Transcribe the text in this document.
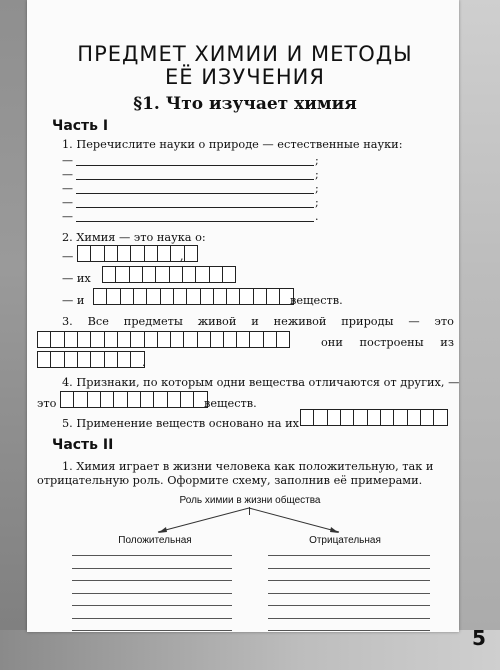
ПРЕДМЕТ ХИМИИ И МЕТОДЫ
ЕЁ ИЗУЧЕНИЯ
§1. Что изучает химия
Часть I
1. Перечислите науки о природе — естественные науки:
—	;
—	;
—	;
—	;
—	.
2. Химия — это наука о:
—	,
— их
— и	веществ.
3. Все предметы живой и неживой природы — это
они построены из
.
4. Признаки, по которым одни вещества отличаются от других, —
это	веществ.
5. Применение веществ основано на их
Часть II
1. Химия играет в жизни человека как положительную, так и
отрицательную роль. Оформите схему, заполнив её примерами.
Роль химии в жизни общества
Положительная	Отрицательная
5
